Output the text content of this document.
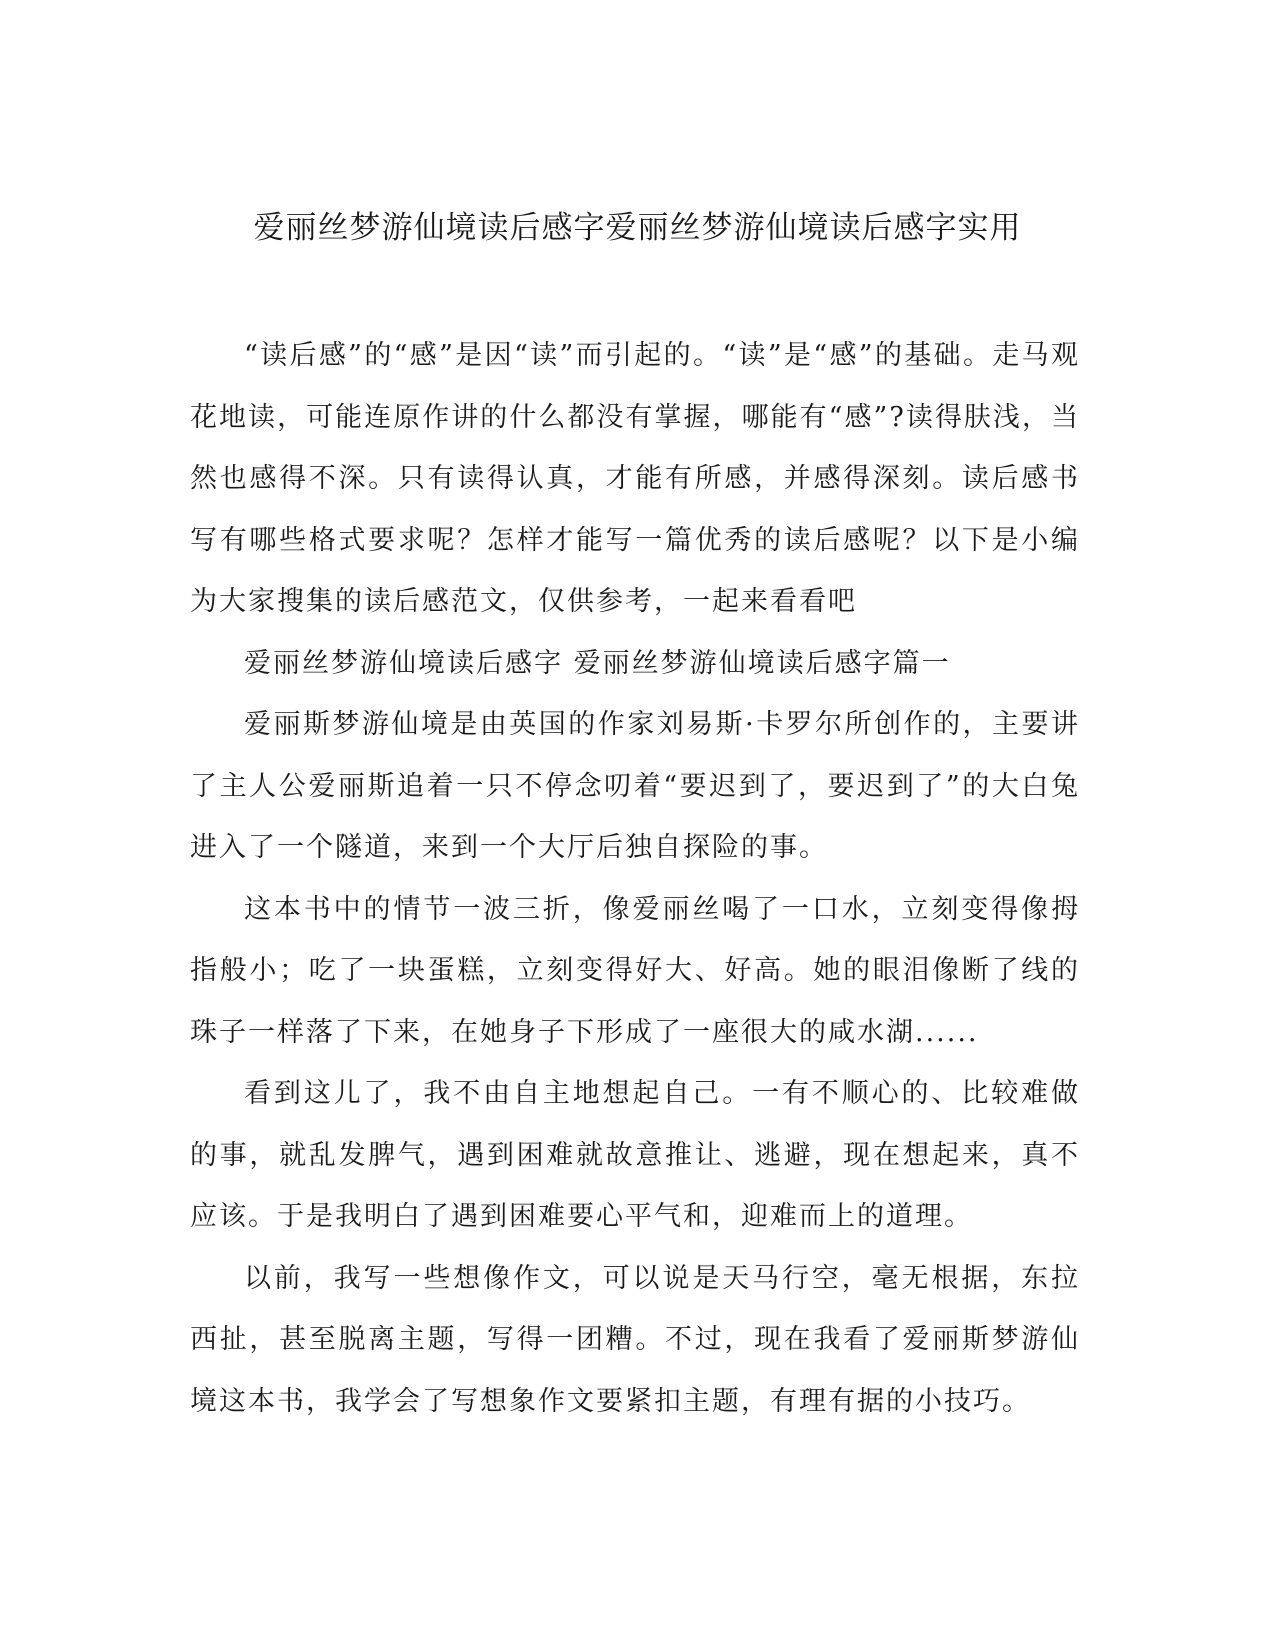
爱丽丝梦游仙境读后感字爱丽丝梦游仙境读后感字实用

“读后感”的“感”是因“读”而引起的。“读”是“感”的基础。走马观花地读，可能连原作讲的什么都没有掌握，哪能有“感”?读得肤浅，当然也感得不深。只有读得认真，才能有所感，并感得深刻。读后感书写有哪些格式要求呢？怎样才能写一篇优秀的读后感呢？以下是小编为大家搜集的读后感范文，仅供参考，一起来看看吧

爱丽丝梦游仙境读后感字 爱丽丝梦游仙境读后感字篇一

爱丽斯梦游仙境是由英国的作家刘易斯·卡罗尔所创作的，主要讲了主人公爱丽斯追着一只不停念叨着“要迟到了，要迟到了”的大白兔进入了一个隧道，来到一个大厅后独自探险的事。

这本书中的情节一波三折，像爱丽丝喝了一口水，立刻变得像拇指般小；吃了一块蛋糕，立刻变得好大、好高。她的眼泪像断了线的珠子一样落了下来，在她身子下形成了一座很大的咸水湖......

看到这儿了，我不由自主地想起自己。一有不顺心的、比较难做的事，就乱发脾气，遇到困难就故意推让、逃避，现在想起来，真不应该。于是我明白了遇到困难要心平气和，迎难而上的道理。

以前，我写一些想像作文，可以说是天马行空，毫无根据，东拉西扯，甚至脱离主题，写得一团糟。不过，现在我看了爱丽斯梦游仙境这本书，我学会了写想象作文要紧扣主题，有理有据的小技巧。
